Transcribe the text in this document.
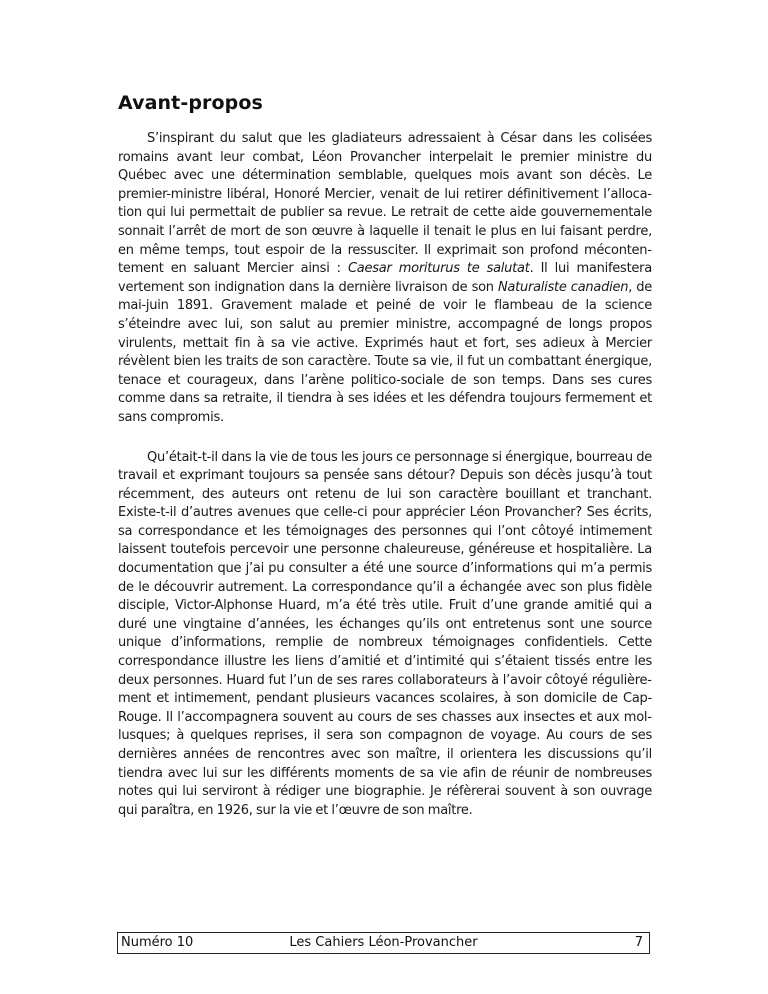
Avant-propos

S’inspirant du salut que les gladiateurs adressaient à César dans les colisées romains avant leur combat, Léon Provancher interpelait le premier ministre du Québec avec une détermination semblable, quelques mois avant son décès. Le premier-ministre libéral, Honoré Mercier, venait de lui retirer définitivement l’allocation qui lui permettait de publier sa revue. Le retrait de cette aide gouvernementale sonnait l’arrêt de mort de son œuvre à laquelle il tenait le plus en lui faisant perdre, en même temps, tout espoir de la ressusciter. Il exprimait son profond mécontentement en saluant Mercier ainsi : Caesar moriturus te salutat. Il lui manifestera vertement son indignation dans la dernière livraison de son Naturaliste canadien, de mai-juin 1891. Gravement malade et peiné de voir le flambeau de la science s’éteindre avec lui, son salut au premier ministre, accompagné de longs propos virulents, mettait fin à sa vie active. Exprimés haut et fort, ses adieux à Mercier révèlent bien les traits de son caractère. Toute sa vie, il fut un combattant énergique, tenace et courageux, dans l’arène politico-sociale de son temps. Dans ses cures comme dans sa retraite, il tiendra à ses idées et les défendra toujours fermement et sans compromis.

Qu’était-t-il dans la vie de tous les jours ce personnage si énergique, bourreau de travail et exprimant toujours sa pensée sans détour? Depuis son décès jusqu’à tout récemment, des auteurs ont retenu de lui son caractère bouillant et tranchant. Existe-t-il d’autres avenues que celle-ci pour apprécier Léon Provancher? Ses écrits, sa correspondance et les témoignages des personnes qui l’ont côtoyé intimement laissent toutefois percevoir une personne chaleureuse, généreuse et hospitalière. La documentation que j’ai pu consulter a été une source d’informations qui m’a permis de le découvrir autrement. La correspondance qu’il a échangée avec son plus fidèle disciple, Victor-Alphonse Huard, m’a été très utile. Fruit d’une grande amitié qui a duré une vingtaine d’années, les échanges qu’ils ont entretenus sont une source unique d’informations, remplie de nombreux témoignages confidentiels. Cette correspondance illustre les liens d’amitié et d’intimité qui s’étaient tissés entre les deux personnes. Huard fut l’un de ses rares collaborateurs à l’avoir côtoyé régulièrement et intimement, pendant plusieurs vacances scolaires, à son domicile de Cap-Rouge. Il l’accompagnera souvent au cours de ses chasses aux insectes et aux mollusques; à quelques reprises, il sera son compagnon de voyage. Au cours de ses dernières années de rencontres avec son maître, il orientera les discussions qu’il tiendra avec lui sur les différents moments de sa vie afin de réunir de nombreuses notes qui lui serviront à rédiger une biographie. Je réfèrerai souvent à son ouvrage qui paraîtra, en 1926, sur la vie et l’œuvre de son maître.

Numéro 10	Les Cahiers Léon-Provancher	7
